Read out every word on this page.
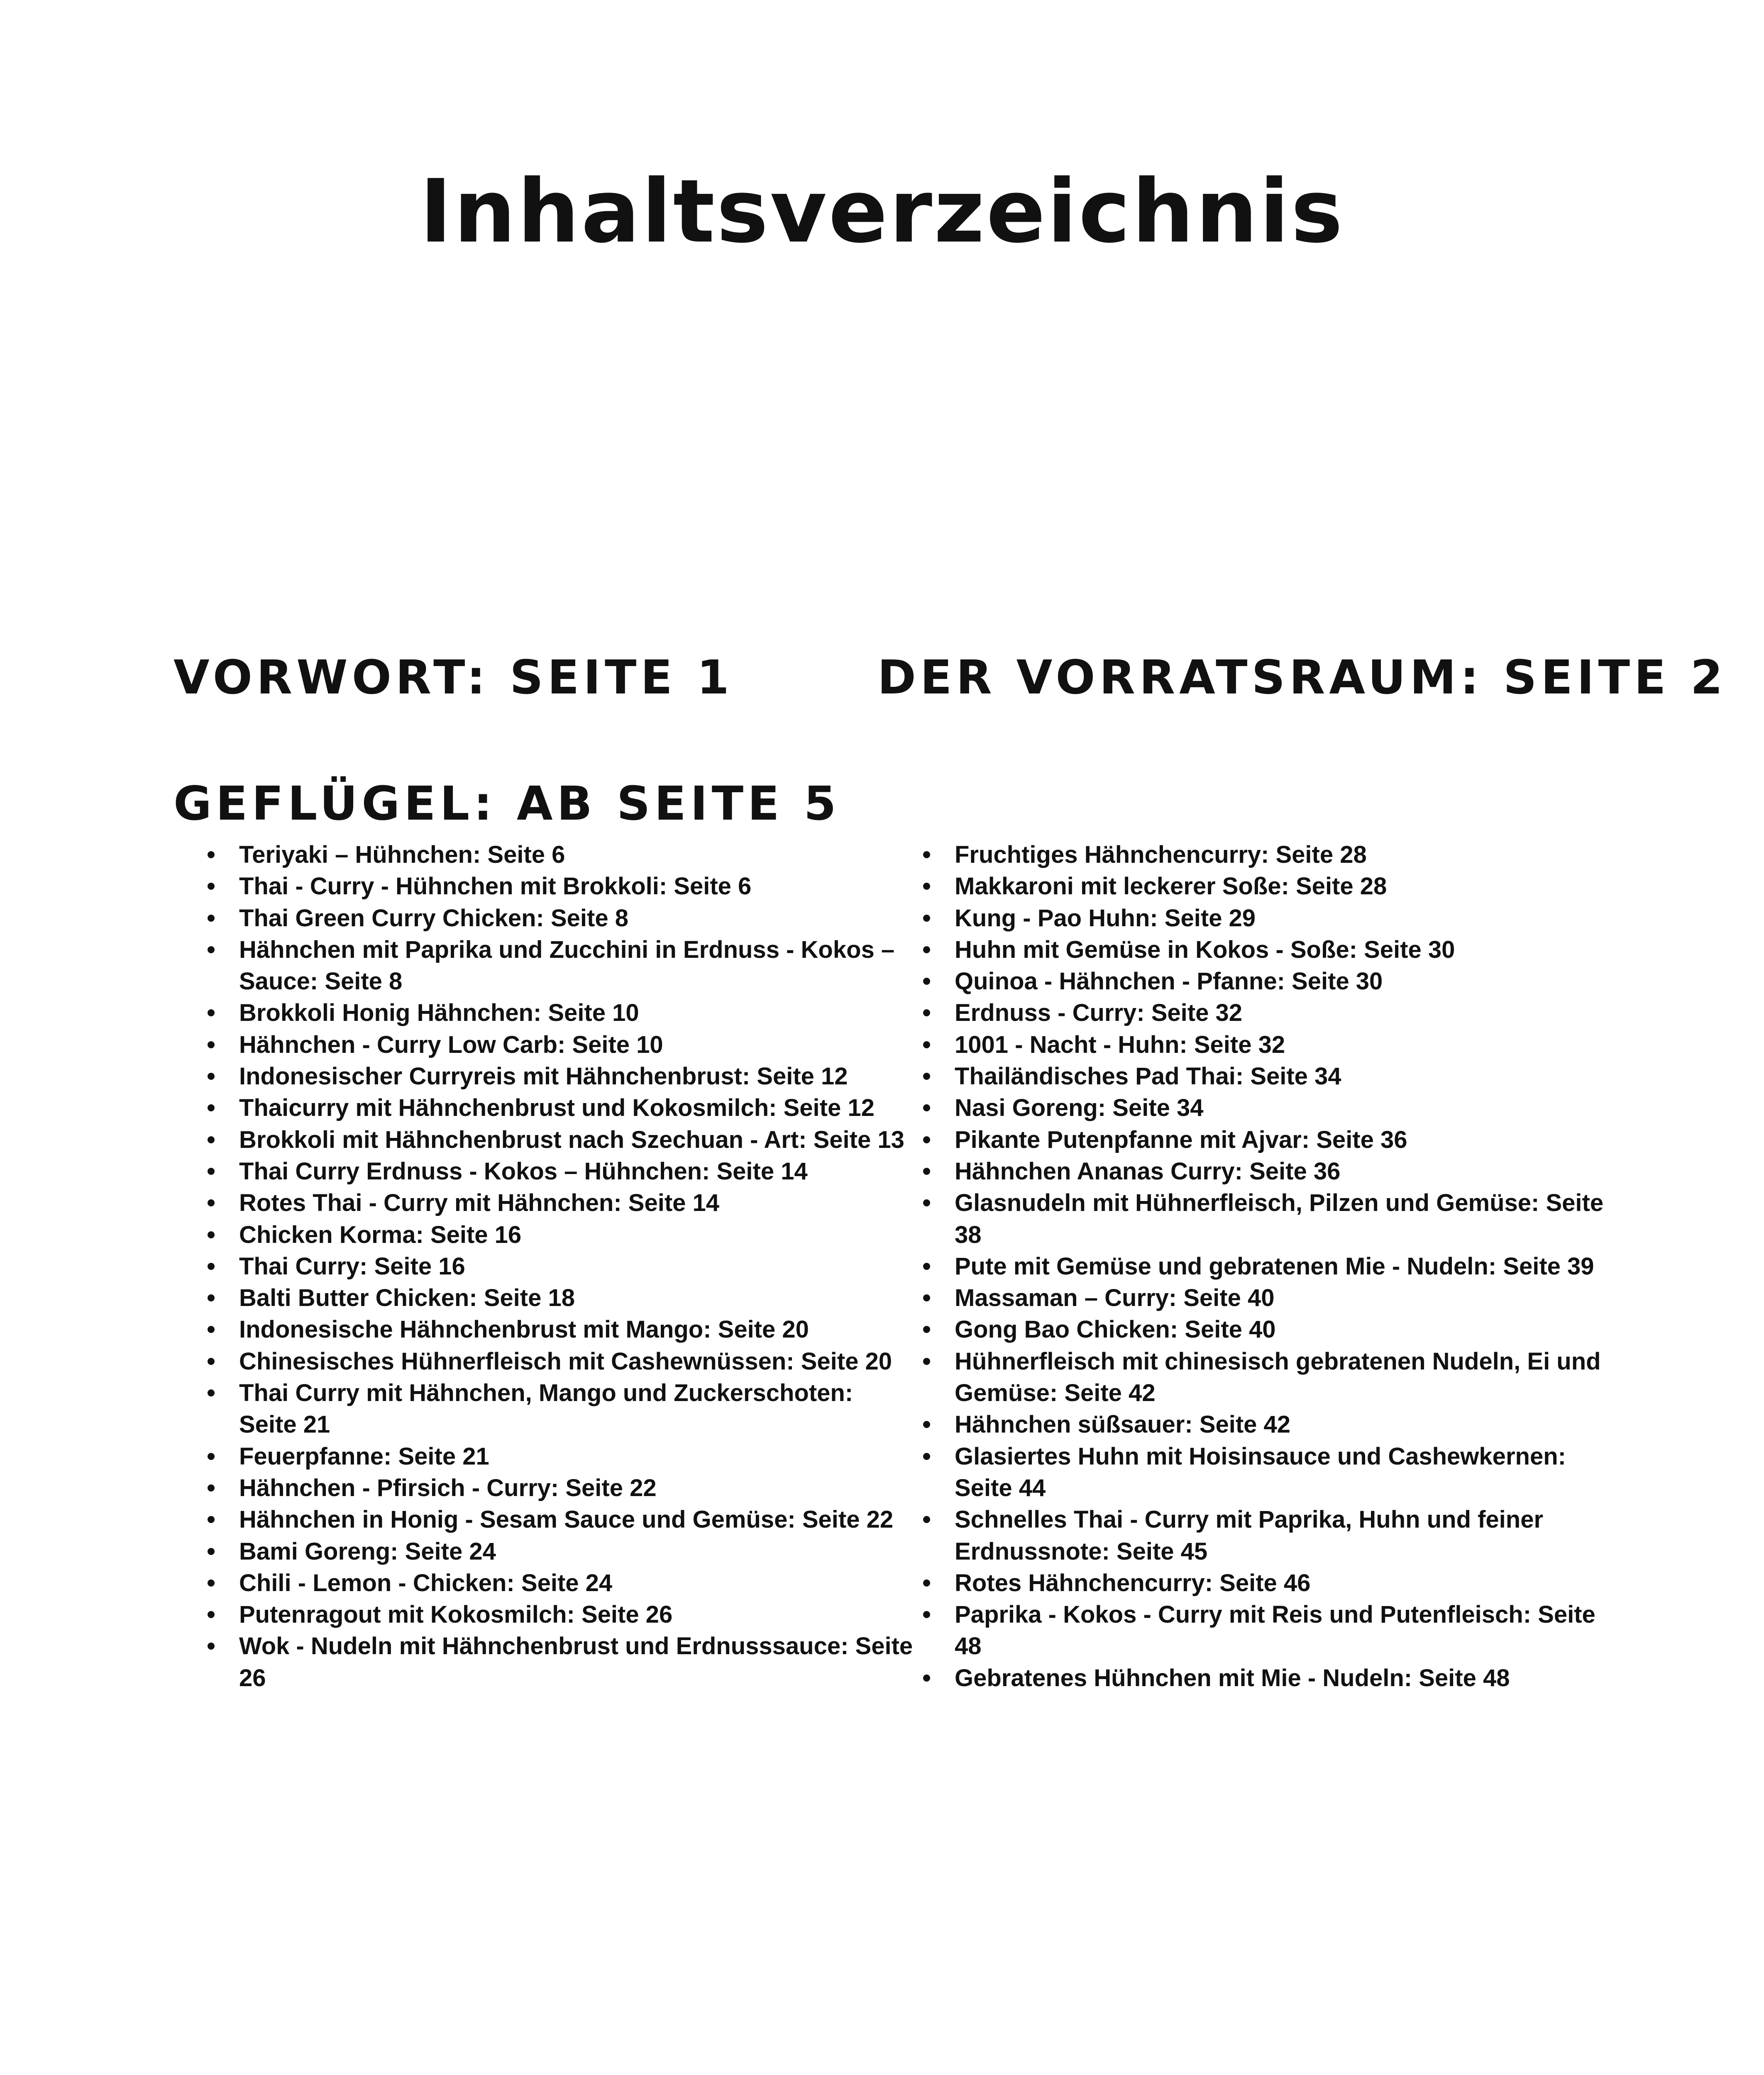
Inhaltsverzeichnis
VORWORT: SEITE 1	DER VORRATSRAUM: SEITE 2
GEFLÜGEL: AB SEITE 5
Teriyaki – Hühnchen: Seite 6
Thai - Curry - Hühnchen mit Brokkoli: Seite 6
Thai Green Curry Chicken: Seite 8
Hähnchen mit Paprika und Zucchini in Erdnuss - Kokos – Sauce: Seite 8
Brokkoli Honig Hähnchen: Seite 10
Hähnchen - Curry Low Carb: Seite 10
Indonesischer Curryreis mit Hähnchenbrust: Seite 12
Thaicurry mit Hähnchenbrust und Kokosmilch: Seite 12
Brokkoli mit Hähnchenbrust nach Szechuan - Art: Seite 13
Thai Curry Erdnuss - Kokos – Hühnchen: Seite 14
Rotes Thai - Curry mit Hähnchen: Seite 14
Chicken Korma: Seite 16
Thai Curry: Seite 16
Balti Butter Chicken: Seite 18
Indonesische Hähnchenbrust mit Mango: Seite 20
Chinesisches Hühnerfleisch mit Cashewnüssen: Seite 20
Thai Curry mit Hähnchen, Mango und Zuckerschoten: Seite 21
Feuerpfanne: Seite 21
Hähnchen - Pfirsich - Curry: Seite 22
Hähnchen in Honig - Sesam Sauce und Gemüse: Seite 22
Bami Goreng: Seite 24
Chili - Lemon - Chicken: Seite 24
Putenragout mit Kokosmilch: Seite 26
Wok - Nudeln mit Hähnchenbrust und Erdnusssauce: Seite 26
Fruchtiges Hähnchencurry: Seite 28
Makkaroni mit leckerer Soße: Seite 28
Kung - Pao Huhn: Seite 29
Huhn mit Gemüse in Kokos - Soße: Seite 30
Quinoa - Hähnchen - Pfanne: Seite 30
Erdnuss - Curry: Seite 32
1001 - Nacht - Huhn: Seite 32
Thailändisches Pad Thai: Seite 34
Nasi Goreng: Seite 34
Pikante Putenpfanne mit Ajvar: Seite 36
Hähnchen Ananas Curry: Seite 36
Glasnudeln mit Hühnerfleisch, Pilzen und Gemüse: Seite 38
Pute mit Gemüse und gebratenen Mie - Nudeln: Seite 39
Massaman – Curry: Seite 40
Gong Bao Chicken: Seite 40
Hühnerfleisch mit chinesisch gebratenen Nudeln, Ei und Gemüse: Seite 42
Hähnchen süßsauer: Seite 42
Glasiertes Huhn mit Hoisinsauce und Cashewkernen: Seite 44
Schnelles Thai - Curry mit Paprika, Huhn und feiner Erdnussnote: Seite 45
Rotes Hähnchencurry: Seite 46
Paprika - Kokos - Curry mit Reis und Putenfleisch: Seite 48
Gebratenes Hühnchen mit Mie - Nudeln: Seite 48
